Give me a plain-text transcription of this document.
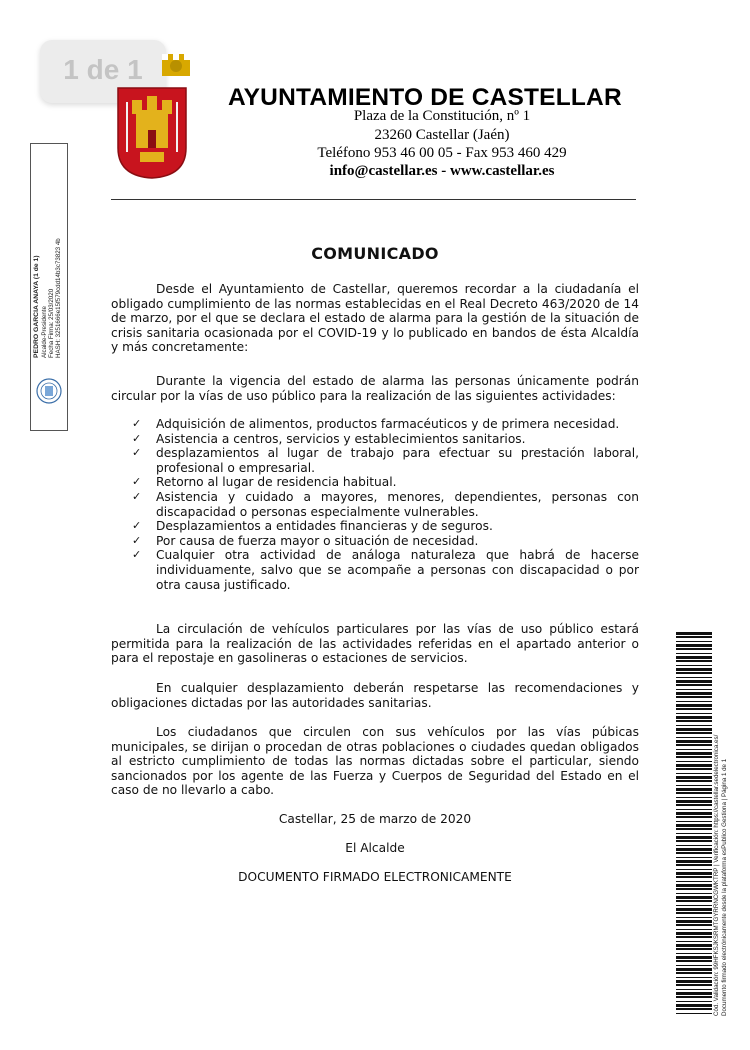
1 de 1
AYUNTAMIENTO DE CASTELLAR
Plaza de la Constitución, nº 1
23260 Castellar (Jaén)
Teléfono 953 46 00 05 - Fax 953 460 429
info@castellar.es - www.castellar.es
PEDRO GARCIA ANAYA (1 de 1) Alcalde-Presidente Fecha Firma: 25/03/2020 HASH: 3251666e15f579cdd14b3c73823 4b	COMUNICADO

Desde el Ayuntamiento de Castellar, queremos recordar a la ciudadanía el obligado cumplimiento de las normas establecidas en el Real Decreto 463/2020 de 14 de marzo, por el que se declara el estado de alarma para la gestión de la situación de crisis sanitaria ocasionada por el COVID-19 y lo publicado en bandos de ésta Alcaldía y más concretamente:

Durante la vigencia del estado de alarma las personas únicamente podrán circular por la vías de uso público para la realización de las siguientes actividades:

✓ Adquisición de alimentos, productos farmacéuticos y de primera necesidad.
✓ Asistencia a centros, servicios y establecimientos sanitarios.
✓ desplazamientos al lugar de trabajo para efectuar su prestación laboral, profesional o empresarial.
✓ Retorno al lugar de residencia habitual.
✓ Asistencia y cuidado a mayores, menores, dependientes, personas con discapacidad o personas especialmente vulnerables.
✓ Desplazamientos a entidades financieras y de seguros.
✓ Por causa de fuerza mayor o situación de necesidad.
✓ Cualquier otra actividad de análoga naturaleza que habrá de hacerse individuamente, salvo que se acompañe a personas con discapacidad o por otra causa justificado.

La circulación de vehículos particulares por las vías de uso público estará permitida para la realización de las actividades referidas en el apartado anterior o para el repostaje en gasolineras o estaciones de servicios.

En cualquier desplazamiento deberán respetarse las recomendaciones y obligaciones dictadas por las autoridades sanitarias.

Los ciudadanos que circulen con sus vehículos por las vías púbicas municipales, se dirijan o procedan de otras poblaciones o ciudades quedan obligados al estricto cumplimiento de todas las normas dictadas sobre el particular, siendo sancionados por los agente de las Fuerza y Cuerpos de Seguridad del Estado en el caso de no llevarlo a cabo.

Castellar, 25 de marzo de 2020
El Alcalde
DOCUMENTO FIRMADO ELECTRONICAMENTE	Cód. Validación: 99HFKSJKSRMTGYRRNCGWKTRP | Verificación: https://castellar.sedelectronica.es/ Documento firmado electrónicamente desde la plataforma esPublico Gestiona | Página 1 de 1
